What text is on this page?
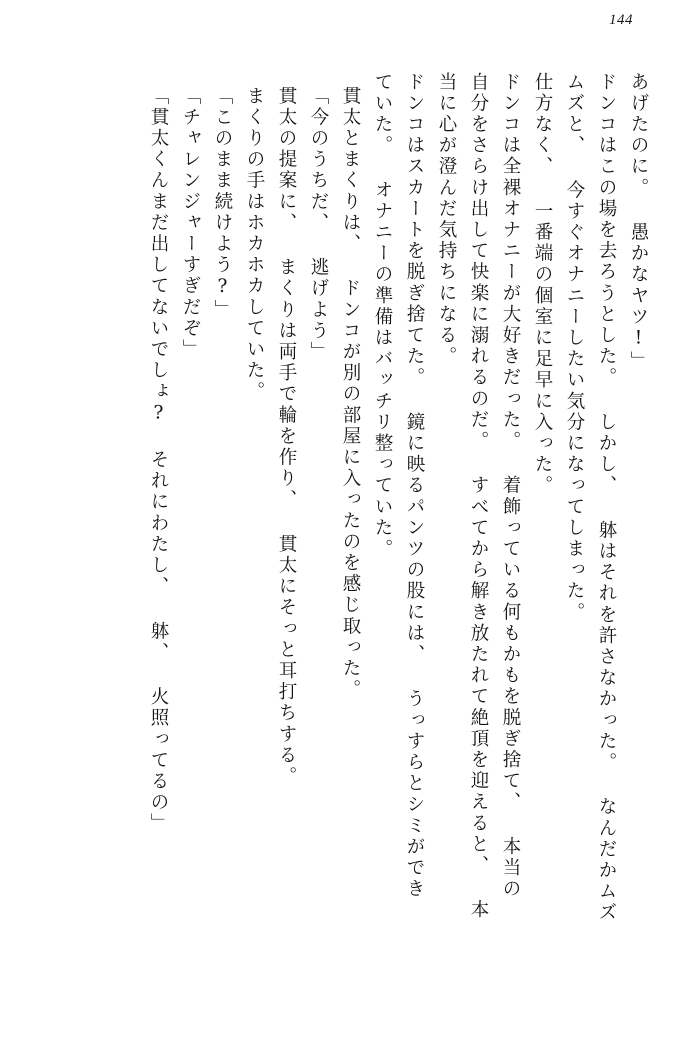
144
あげたのに。 愚かなヤツ!」
ドンコはこの場を去ろうとした。 しかし、 躰はそれを許さなかった。 なんだかムズ
ムズと、 今すぐオナニーしたい気分になってしまった。
仕方なく、 一番端の個室に足早に入った。
ドンコは全裸オナニーが大好きだった。 着飾っている何もかもを脱ぎ捨て、 本当の
自分をさらけ出して快楽に溺れるのだ。 すべてから解き放たれて絶頂を迎えると、 本
当に心が澄んだ気持ちになる。
ドンコはスカートを脱ぎ捨てた。 鏡に映るパンツの股には、 うっすらとシミができ
ていた。 オナニーの準備はバッチリ整っていた。
貫太とまくりは、 ドンコが別の部屋に入ったのを感じ取った。
「今のうちだ、 逃げよう」
貫太の提案に、 まくりは両手で輪を作り、 貫太にそっと耳打ちする。
まくりの手はホカホカしていた。
「このまま続けよう?」
「チャレンジャーすぎだぞ」
「貫太くんまだ出してないでしょ? それにわたし、 躰、 火照ってるの」
